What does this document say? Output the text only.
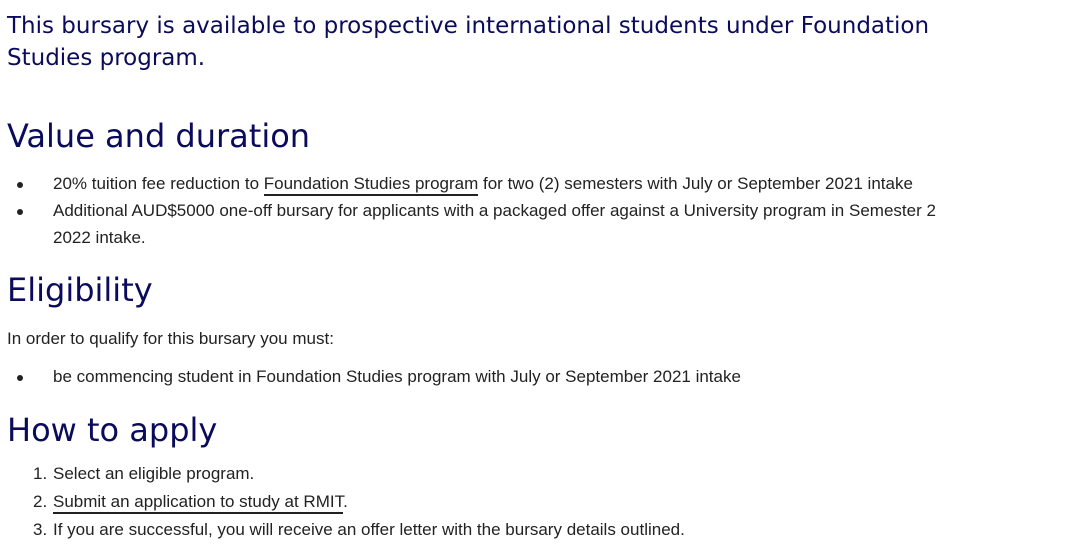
This bursary is available to prospective international students under Foundation Studies program.

Value and duration
20% tuition fee reduction to Foundation Studies program for two (2) semesters with July or September 2021 intake
Additional AUD$5000 one-off bursary for applicants with a packaged offer against a University program in Semester 2 2022 intake.
Eligibility

In order to qualify for this bursary you must:

be commencing student in Foundation Studies program with July or September 2021 intake
How to apply
1. Select an eligible program.
2. Submit an application to study at RMIT.
3. If you are successful, you will receive an offer letter with the bursary details outlined.
